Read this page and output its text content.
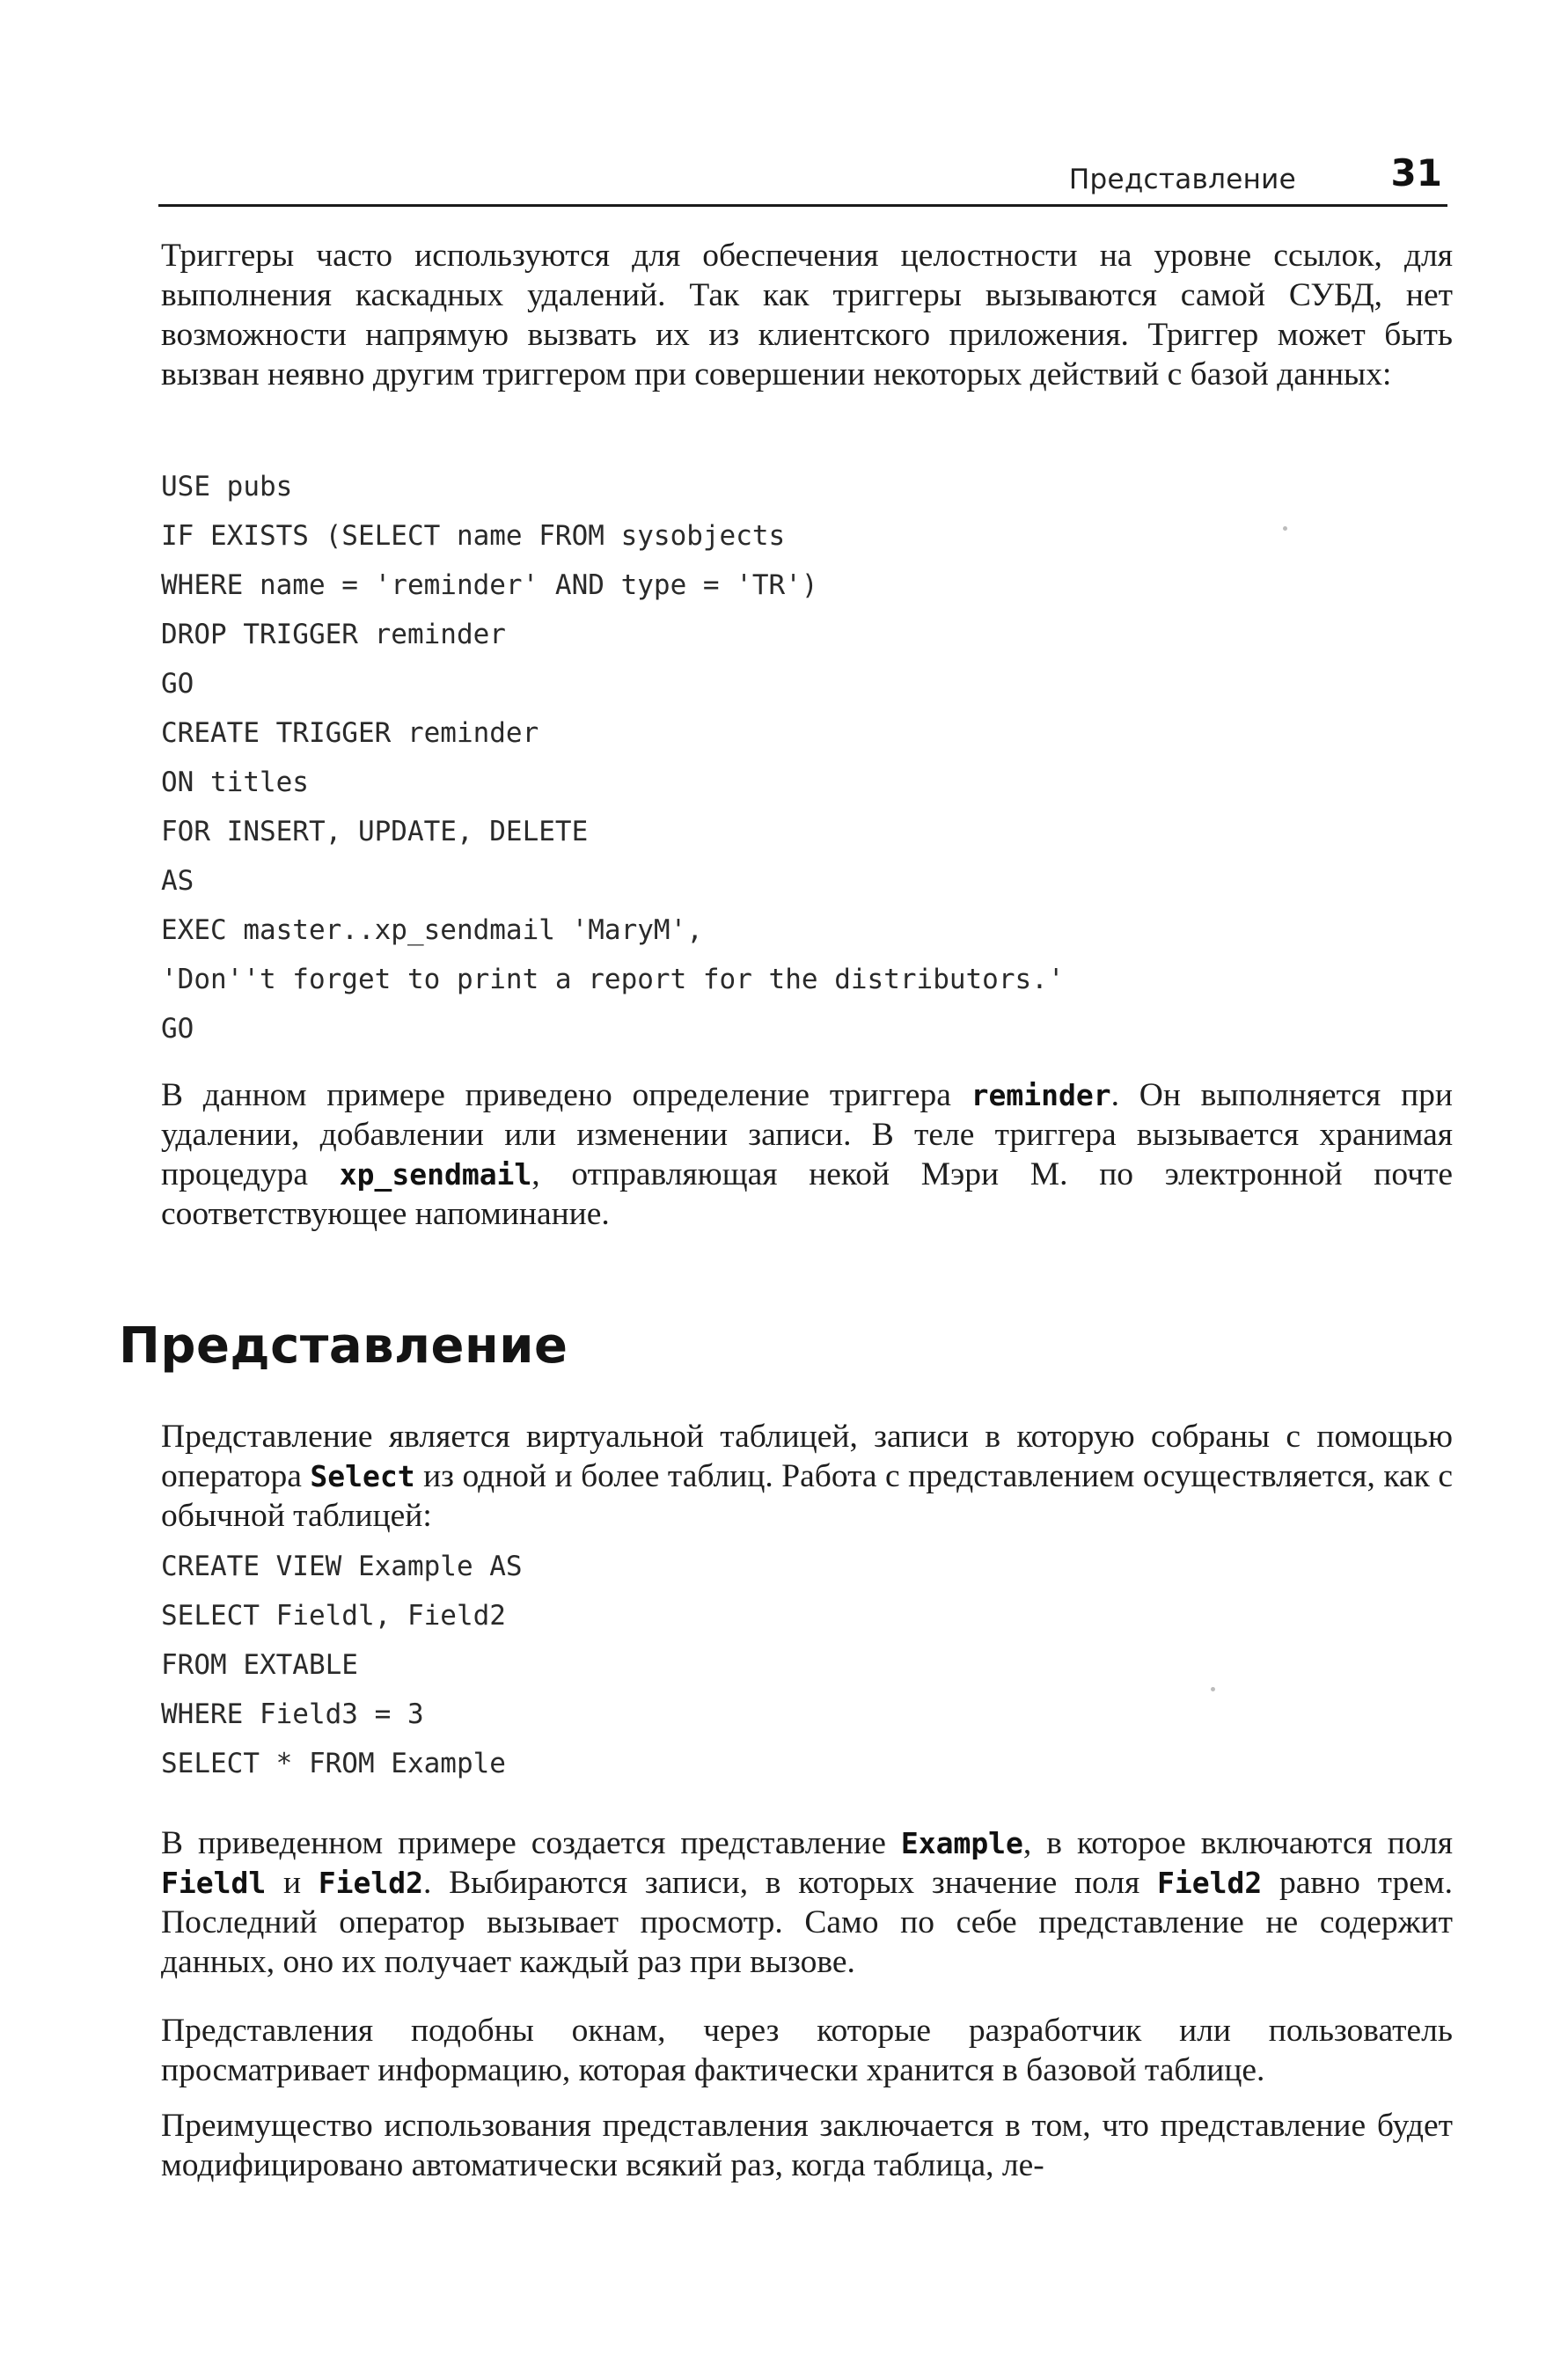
Представление	31

Триггеры часто используются для обеспечения целостности на уровне ссылок, для выполнения каскадных удалений. Так как триггеры вызываются самой СУБД, нет возможности напрямую вызвать их из клиентского приложения. Триггер может быть вызван неявно другим триггером при совершении некоторых действий с базой данных:

USE pubs
IF EXISTS (SELECT name FROM sysobjects
WHERE name = 'reminder' AND type = 'TR')
DROP TRIGGER reminder
GO
CREATE TRIGGER reminder
ON titles
FOR INSERT, UPDATE, DELETE
AS
EXEC master..xp_sendmail 'MaryM',
'Don''t forget to print a report for the distributors.'
GO

В данном примере приведено определение триггера reminder. Он выполняется при удалении, добавлении или изменении записи. В теле триггера вызывается хранимая процедура xp_sendmail, отправляющая некой Мэри М. по электронной почте соответствующее напоминание.

Представление

Представление является виртуальной таблицей, записи в которую собраны с помощью оператора Select из одной и более таблиц. Работа с представлением осуществляется, как с обычной таблицей:

CREATE VIEW Example AS
SELECT Fieldl, Field2
FROM EXTABLE
WHERE Field3 = 3
SELECT * FROM Example

В приведенном примере создается представление Example, в которое включаются поля Fieldl и Field2. Выбираются записи, в которых значение поля Field2 равно трем. Последний оператор вызывает просмотр. Само по себе представление не содержит данных, оно их получает каждый раз при вызове.

Представления подобны окнам, через которые разработчик или пользователь просматривает информацию, которая фактически хранится в базовой таблице.

Преимущество использования представления заключается в том, что представление будет модифицировано автоматически всякий раз, когда таблица, ле-
